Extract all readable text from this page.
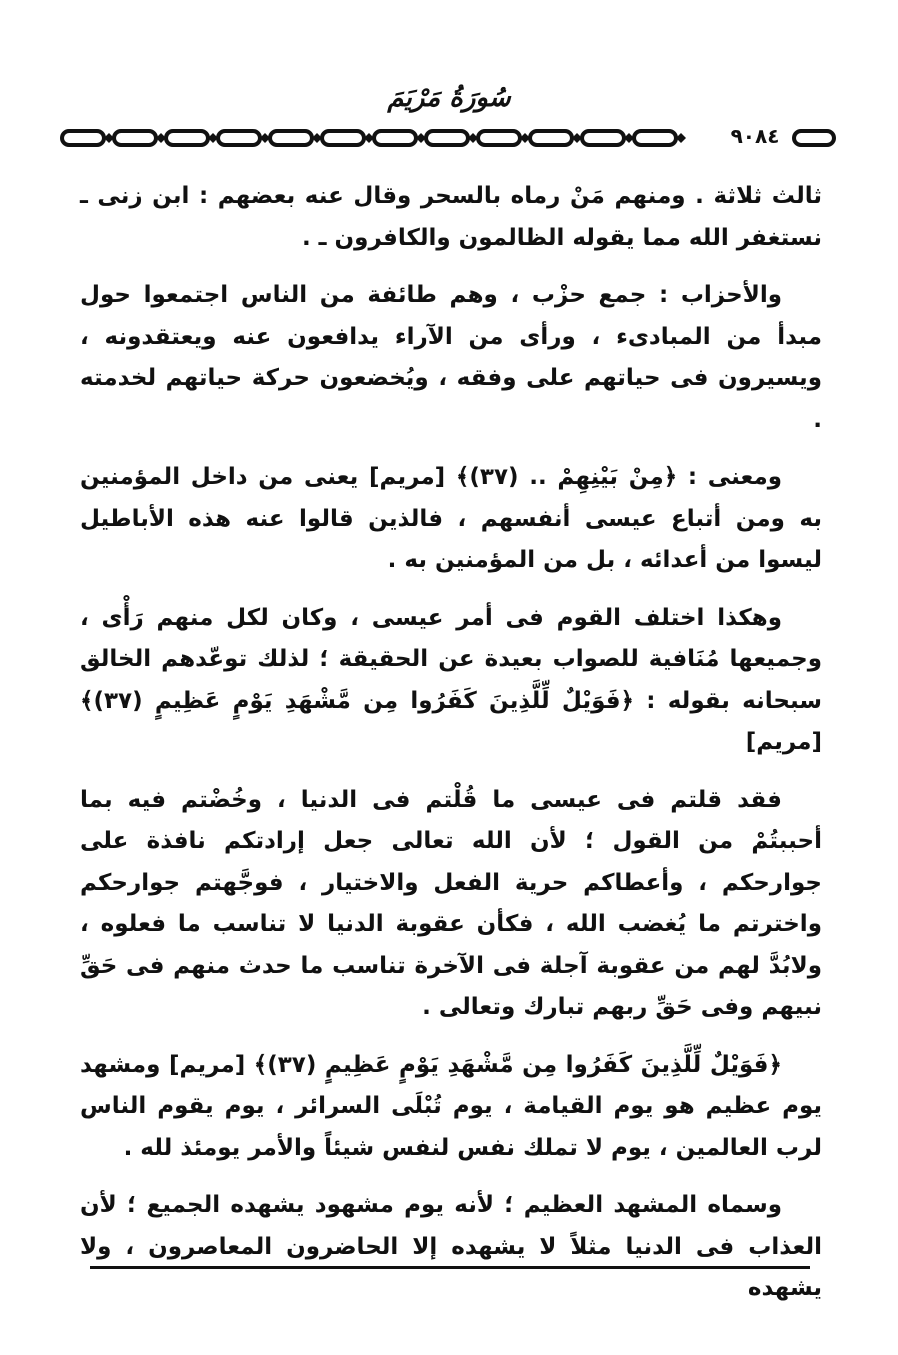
سُورَةُ مَرْيَمَ
٩٠٨٤

ثالث ثلاثة . ومنهم مَنْ رماه بالسحر وقال عنه بعضهم : ابن زنى ـ نستغفر الله مما يقوله الظالمون والكافرون ـ .

والأحزاب : جمع حزْب ، وهم طائفة من الناس اجتمعوا حول مبدأ من المبادىء ، ورأى من الآراء يدافعون عنه ويعتقدونه ، ويسيرون فى حياتهم على وفقه ، ويُخضعون حركة حياتهم لخدمته .

ومعنى : ﴿مِنْ بَيْنِهِمْ .. (٣٧)﴾ [مريم] يعنى من داخل المؤمنين به ومن أتباع عيسى أنفسهم ، فالذين قالوا عنه هذه الأباطيل ليسوا من أعدائه ، بل من المؤمنين به .

وهكذا اختلف القوم فى أمر عيسى ، وكان لكل منهم رَأْى ، وجميعها مُنَافية للصواب بعيدة عن الحقيقة ؛ لذلك توعّدهم الخالق سبحانه بقوله : ﴿فَوَيْلٌ لِّلَّذِينَ كَفَرُوا مِن مَّشْهَدِ يَوْمٍ عَظِيمٍ (٣٧)﴾ [مريم]

فقد قلتم فى عيسى ما قُلْتم فى الدنيا ، وخُضْتم فيه بما أحببتُمْ من القول ؛ لأن الله تعالى جعل إرادتكم نافذة على جوارحكم ، وأعطاكم حرية الفعل والاختيار ، فوجَّهتم جوارحكم واخترتم ما يُغضب الله ، فكأن عقوبة الدنيا لا تناسب ما فعلوه ، ولابُدَّ لهم من عقوبة آجلة فى الآخرة تناسب ما حدث منهم فى حَقِّ نبيهم وفى حَقِّ ربهم تبارك وتعالى .

﴿فَوَيْلٌ لِّلَّذِينَ كَفَرُوا مِن مَّشْهَدِ يَوْمٍ عَظِيمٍ (٣٧)﴾ [مريم] ومشهد يوم عظيم هو يوم القيامة ، يوم تُبْلَى السرائر ، يوم يقوم الناس لرب العالمين ، يوم لا تملك نفس لنفس شيئاً والأمر يومئذ لله .

وسماه المشهد العظيم ؛ لأنه يوم مشهود يشهده الجميع ؛ لأن العذاب فى الدنيا مثلاً لا يشهده إلا الحاضرون المعاصرون ، ولا يشهده
